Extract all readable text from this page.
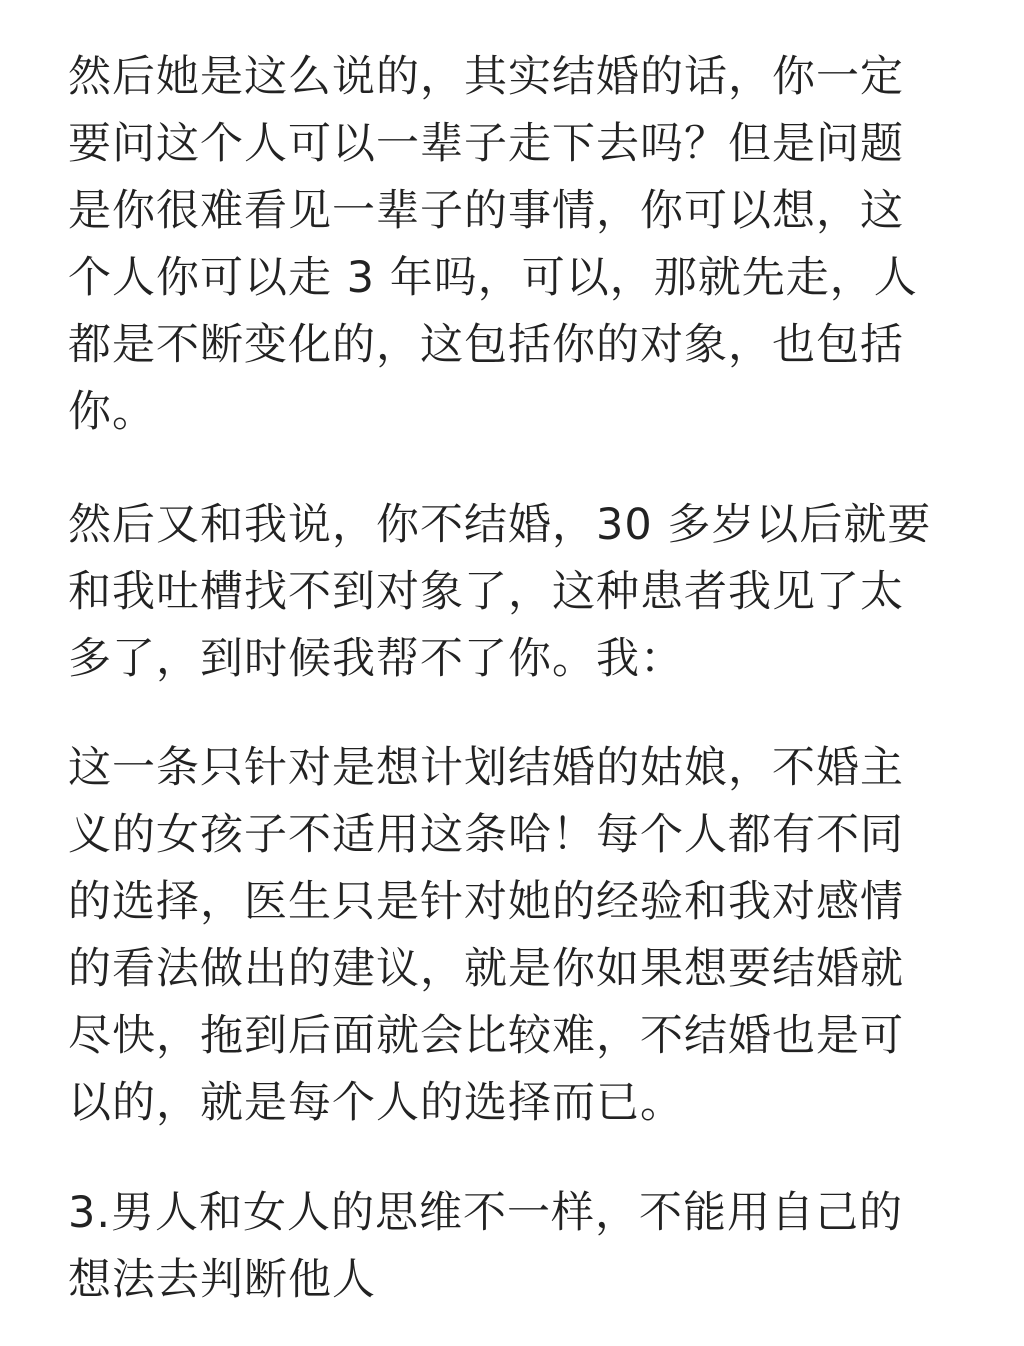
然后她是这么说的，其实结婚的话，你一定
要问这个人可以一辈子走下去吗？但是问题
是你很难看见一辈子的事情，你可以想，这
个人你可以走 3 年吗，可以，那就先走，人
都是不断变化的，这包括你的对象，也包括
你。

然后又和我说，你不结婚，30 多岁以后就要
和我吐槽找不到对象了，这种患者我见了太
多了，到时候我帮不了你。我：

这一条只针对是想计划结婚的姑娘，不婚主
义的女孩子不适用这条哈！每个人都有不同
的选择，医生只是针对她的经验和我对感情
的看法做出的建议，就是你如果想要结婚就
尽快，拖到后面就会比较难，不结婚也是可
以的，就是每个人的选择而已。

3.男人和女人的思维不一样，不能用自己的
想法去判断他人
